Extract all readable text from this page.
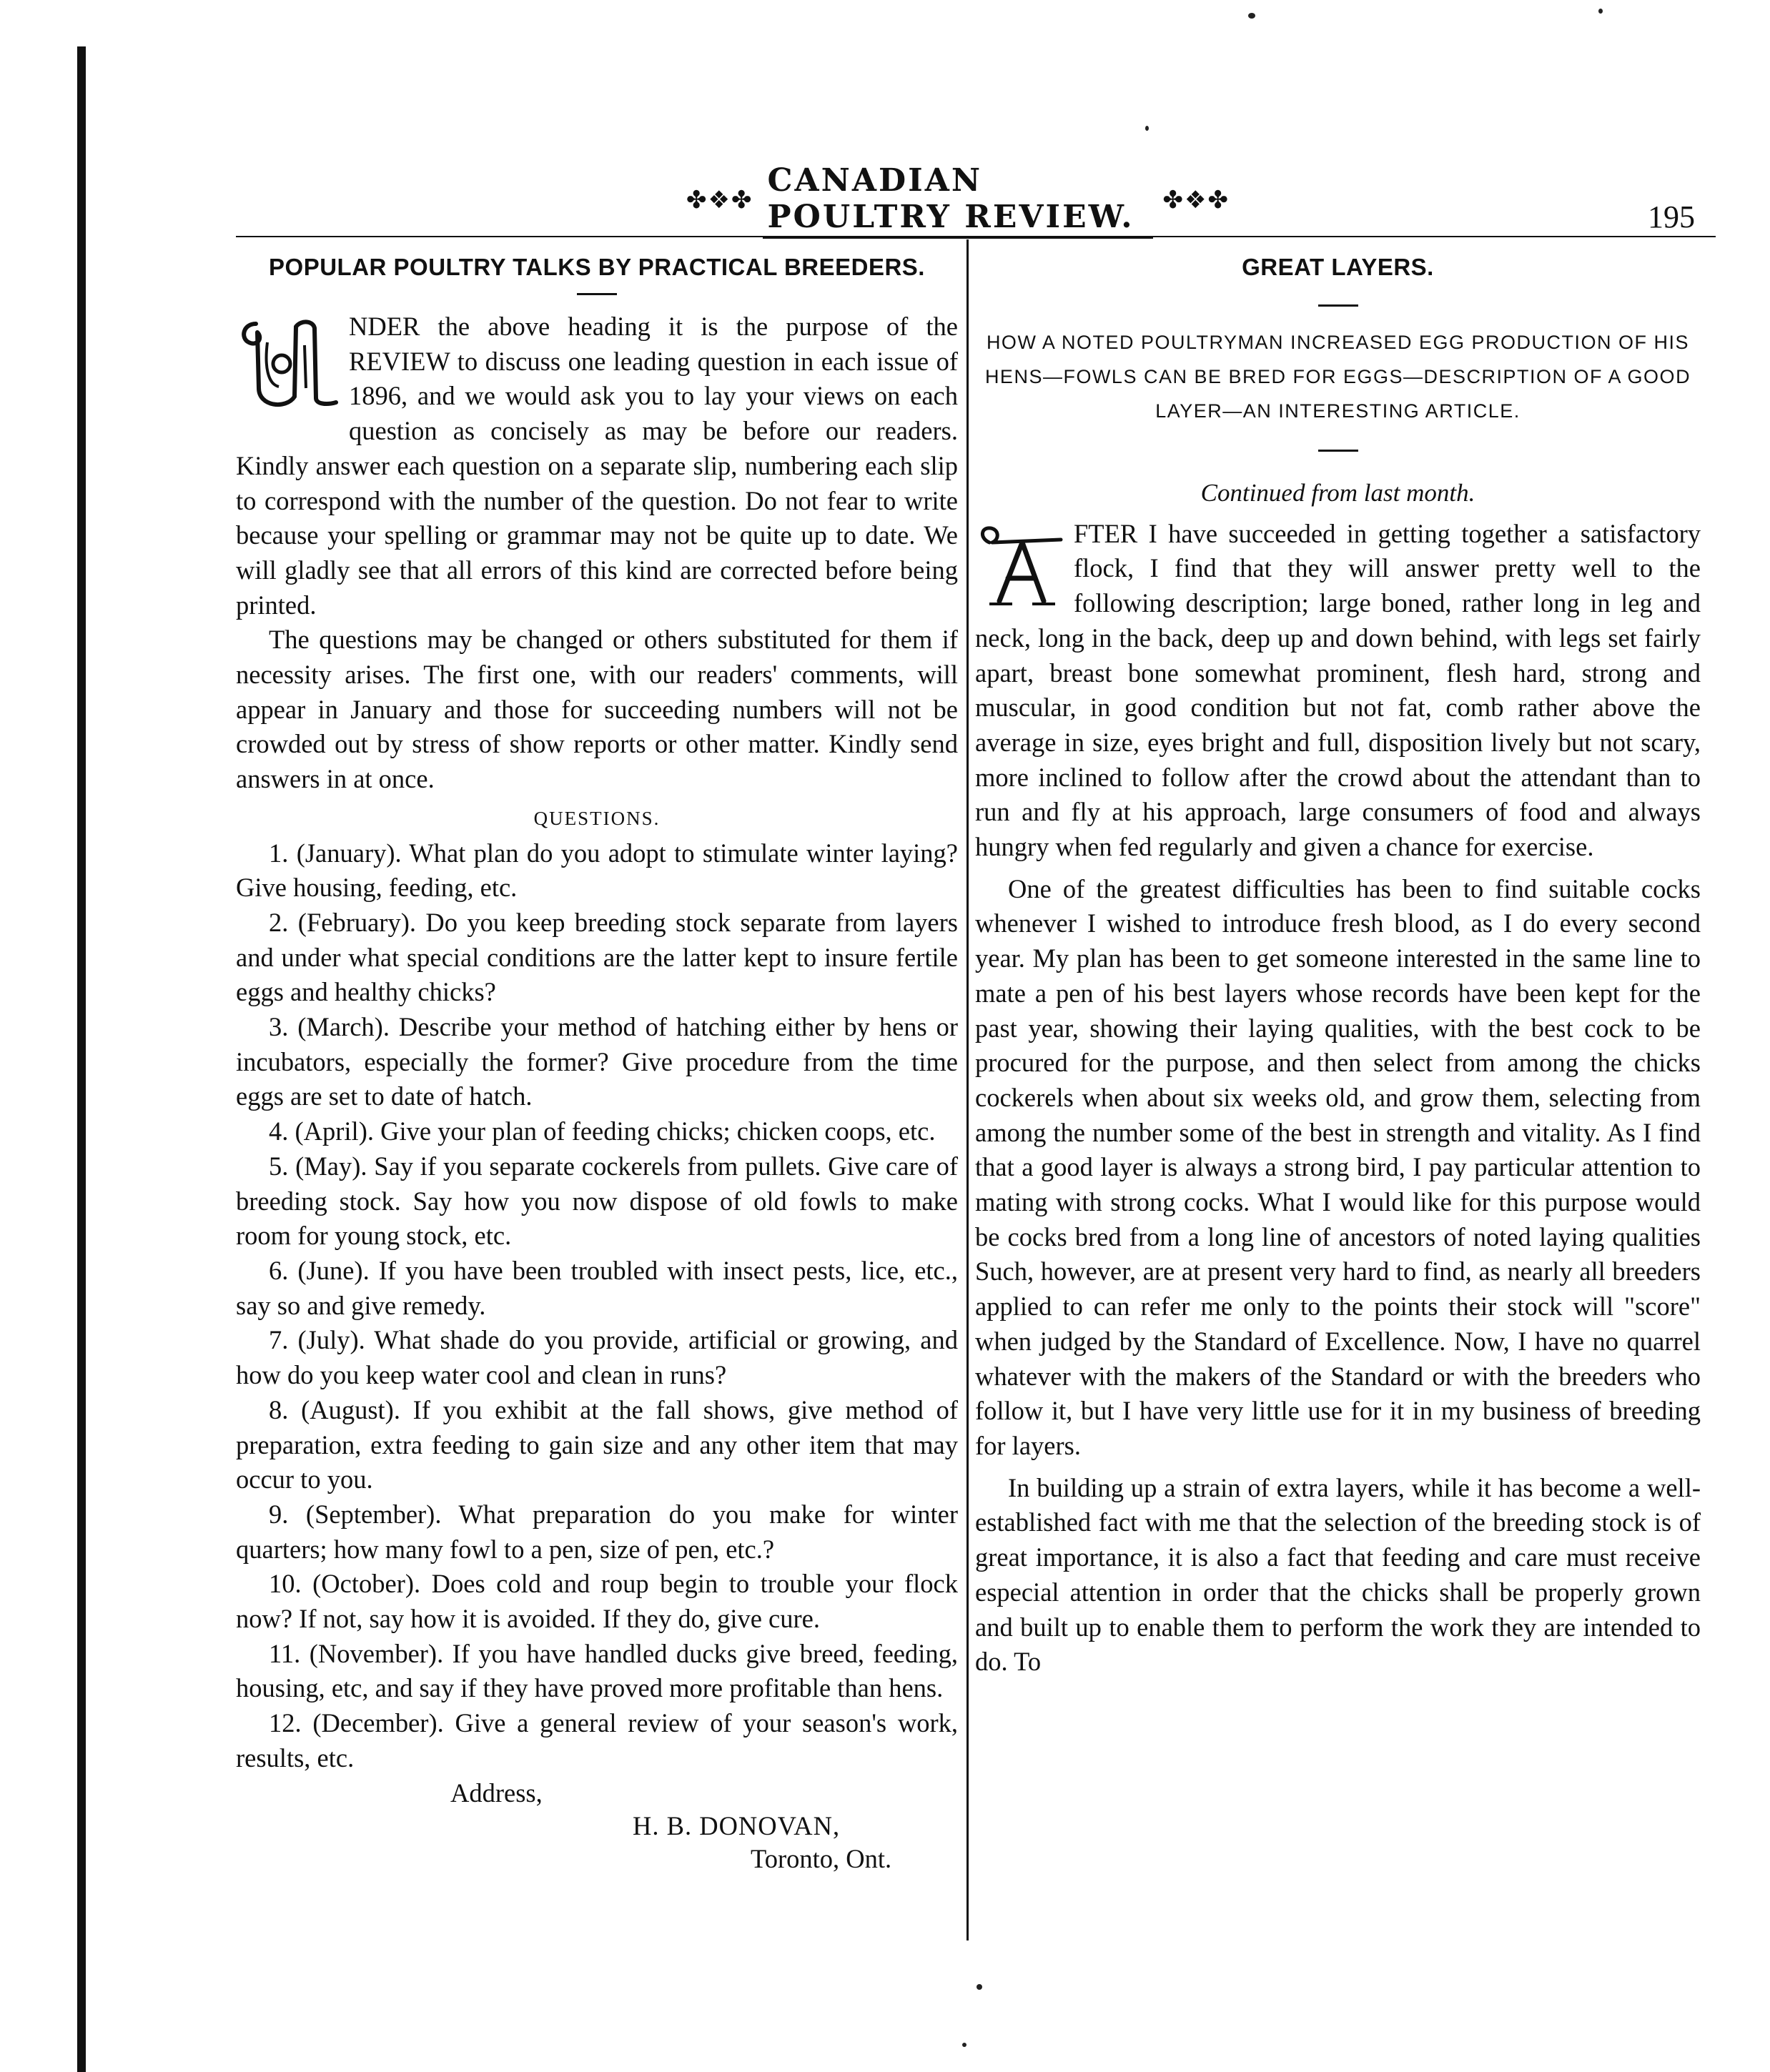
✤❖✤
CANADIAN POULTRY REVIEW.	✤❖✤	195
POPULAR POULTRY TALKS BY PRACTICAL BREEDERS.

U	NDER the above heading it is the purpose of the REVIEW to discuss one leading question in each issue of 1896, and we would ask you to lay your views on each question as concisely as may be before our readers. Kindly answer each question on a separate slip, numbering each slip to correspond with the number of the question. Do not fear to write because your spelling or grammar may not be quite up to date. We will gladly see that all errors of this kind are corrected before being printed.

The questions may be changed or others substituted for them if necessity arises. The first one, with our readers' comments, will appear in January and those for succeeding numbers will not be crowded out by stress of show reports or other matter. Kindly send answers in at once.

QUESTIONS.

1. (January). What plan do you adopt to stimulate winter laying? Give housing, feeding, etc.

2. (February). Do you keep breeding stock separate from layers and under what special conditions are the latter kept to insure fertile eggs and healthy chicks?

3. (March). Describe your method of hatching either by hens or incubators, especially the former? Give procedure from the time eggs are set to date of hatch.

4. (April). Give your plan of feeding chicks; chicken coops, etc.

5. (May). Say if you separate cockerels from pullets. Give care of breeding stock. Say how you now dispose of old fowls to make room for young stock, etc.

6. (June). If you have been troubled with insect pests, lice, etc., say so and give remedy.

7. (July). What shade do you provide, artificial or growing, and how do you keep water cool and clean in runs?

8. (August). If you exhibit at the fall shows, give method of preparation, extra feeding to gain size and any other item that may occur to you.

9. (September). What preparation do you make for winter quarters; how many fowl to a pen, size of pen, etc.?

10. (October). Does cold and roup begin to trouble your flock now? If not, say how it is avoided. If they do, give cure.

11. (November). If you have handled ducks give breed, feeding, housing, etc, and say if they have proved more profitable than hens.

12. (December). Give a general review of your season's work, results, etc.

Address,
H. B. DONOVAN,
Toronto, Ont.
GREAT LAYERS.
HOW A NOTED POULTRYMAN INCREASED EGG PRODUCTION OF HIS HENS—FOWLS CAN BE BRED FOR EGGS—DESCRIPTION OF A GOOD LAYER—AN INTERESTING ARTICLE.
Continued from last month.

A	FTER I have succeeded in getting together a satisfactory flock, I find that they will answer pretty well to the following description; large boned, rather long in leg and neck, long in the back, deep up and down behind, with legs set fairly apart, breast bone somewhat prominent, flesh hard, strong and muscular, in good condition but not fat, comb rather above the average in size, eyes bright and full, disposition lively but not scary, more inclined to follow after the crowd about the attendant than to run and fly at his approach, large consumers of food and always hungry when fed regularly and given a chance for exercise.

One of the greatest difficulties has been to find suitable cocks whenever I wished to introduce fresh blood, as I do every second year. My plan has been to get someone interested in the same line to mate a pen of his best layers whose records have been kept for the past year, showing their laying qualities, with the best cock to be procured for the purpose, and then select from among the chicks cockerels when about six weeks old, and grow them, selecting from among the number some of the best in strength and vitality. As I find that a good layer is always a strong bird, I pay particular attention to mating with strong cocks. What I would like for this purpose would be cocks bred from a long line of ancestors of noted laying qualities Such, however, are at present very hard to find, as nearly all breeders applied to can refer me only to the points their stock will "score" when judged by the Standard of Excellence. Now, I have no quarrel whatever with the makers of the Standard or with the breeders who follow it, but I have very little use for it in my business of breeding for layers.

In building up a strain of extra layers, while it has become a well-established fact with me that the selection of the breeding stock is of great importance, it is also a fact that feeding and care must receive especial attention in order that the chicks shall be properly grown and built up to enable them to perform the work they are intended to do. To
